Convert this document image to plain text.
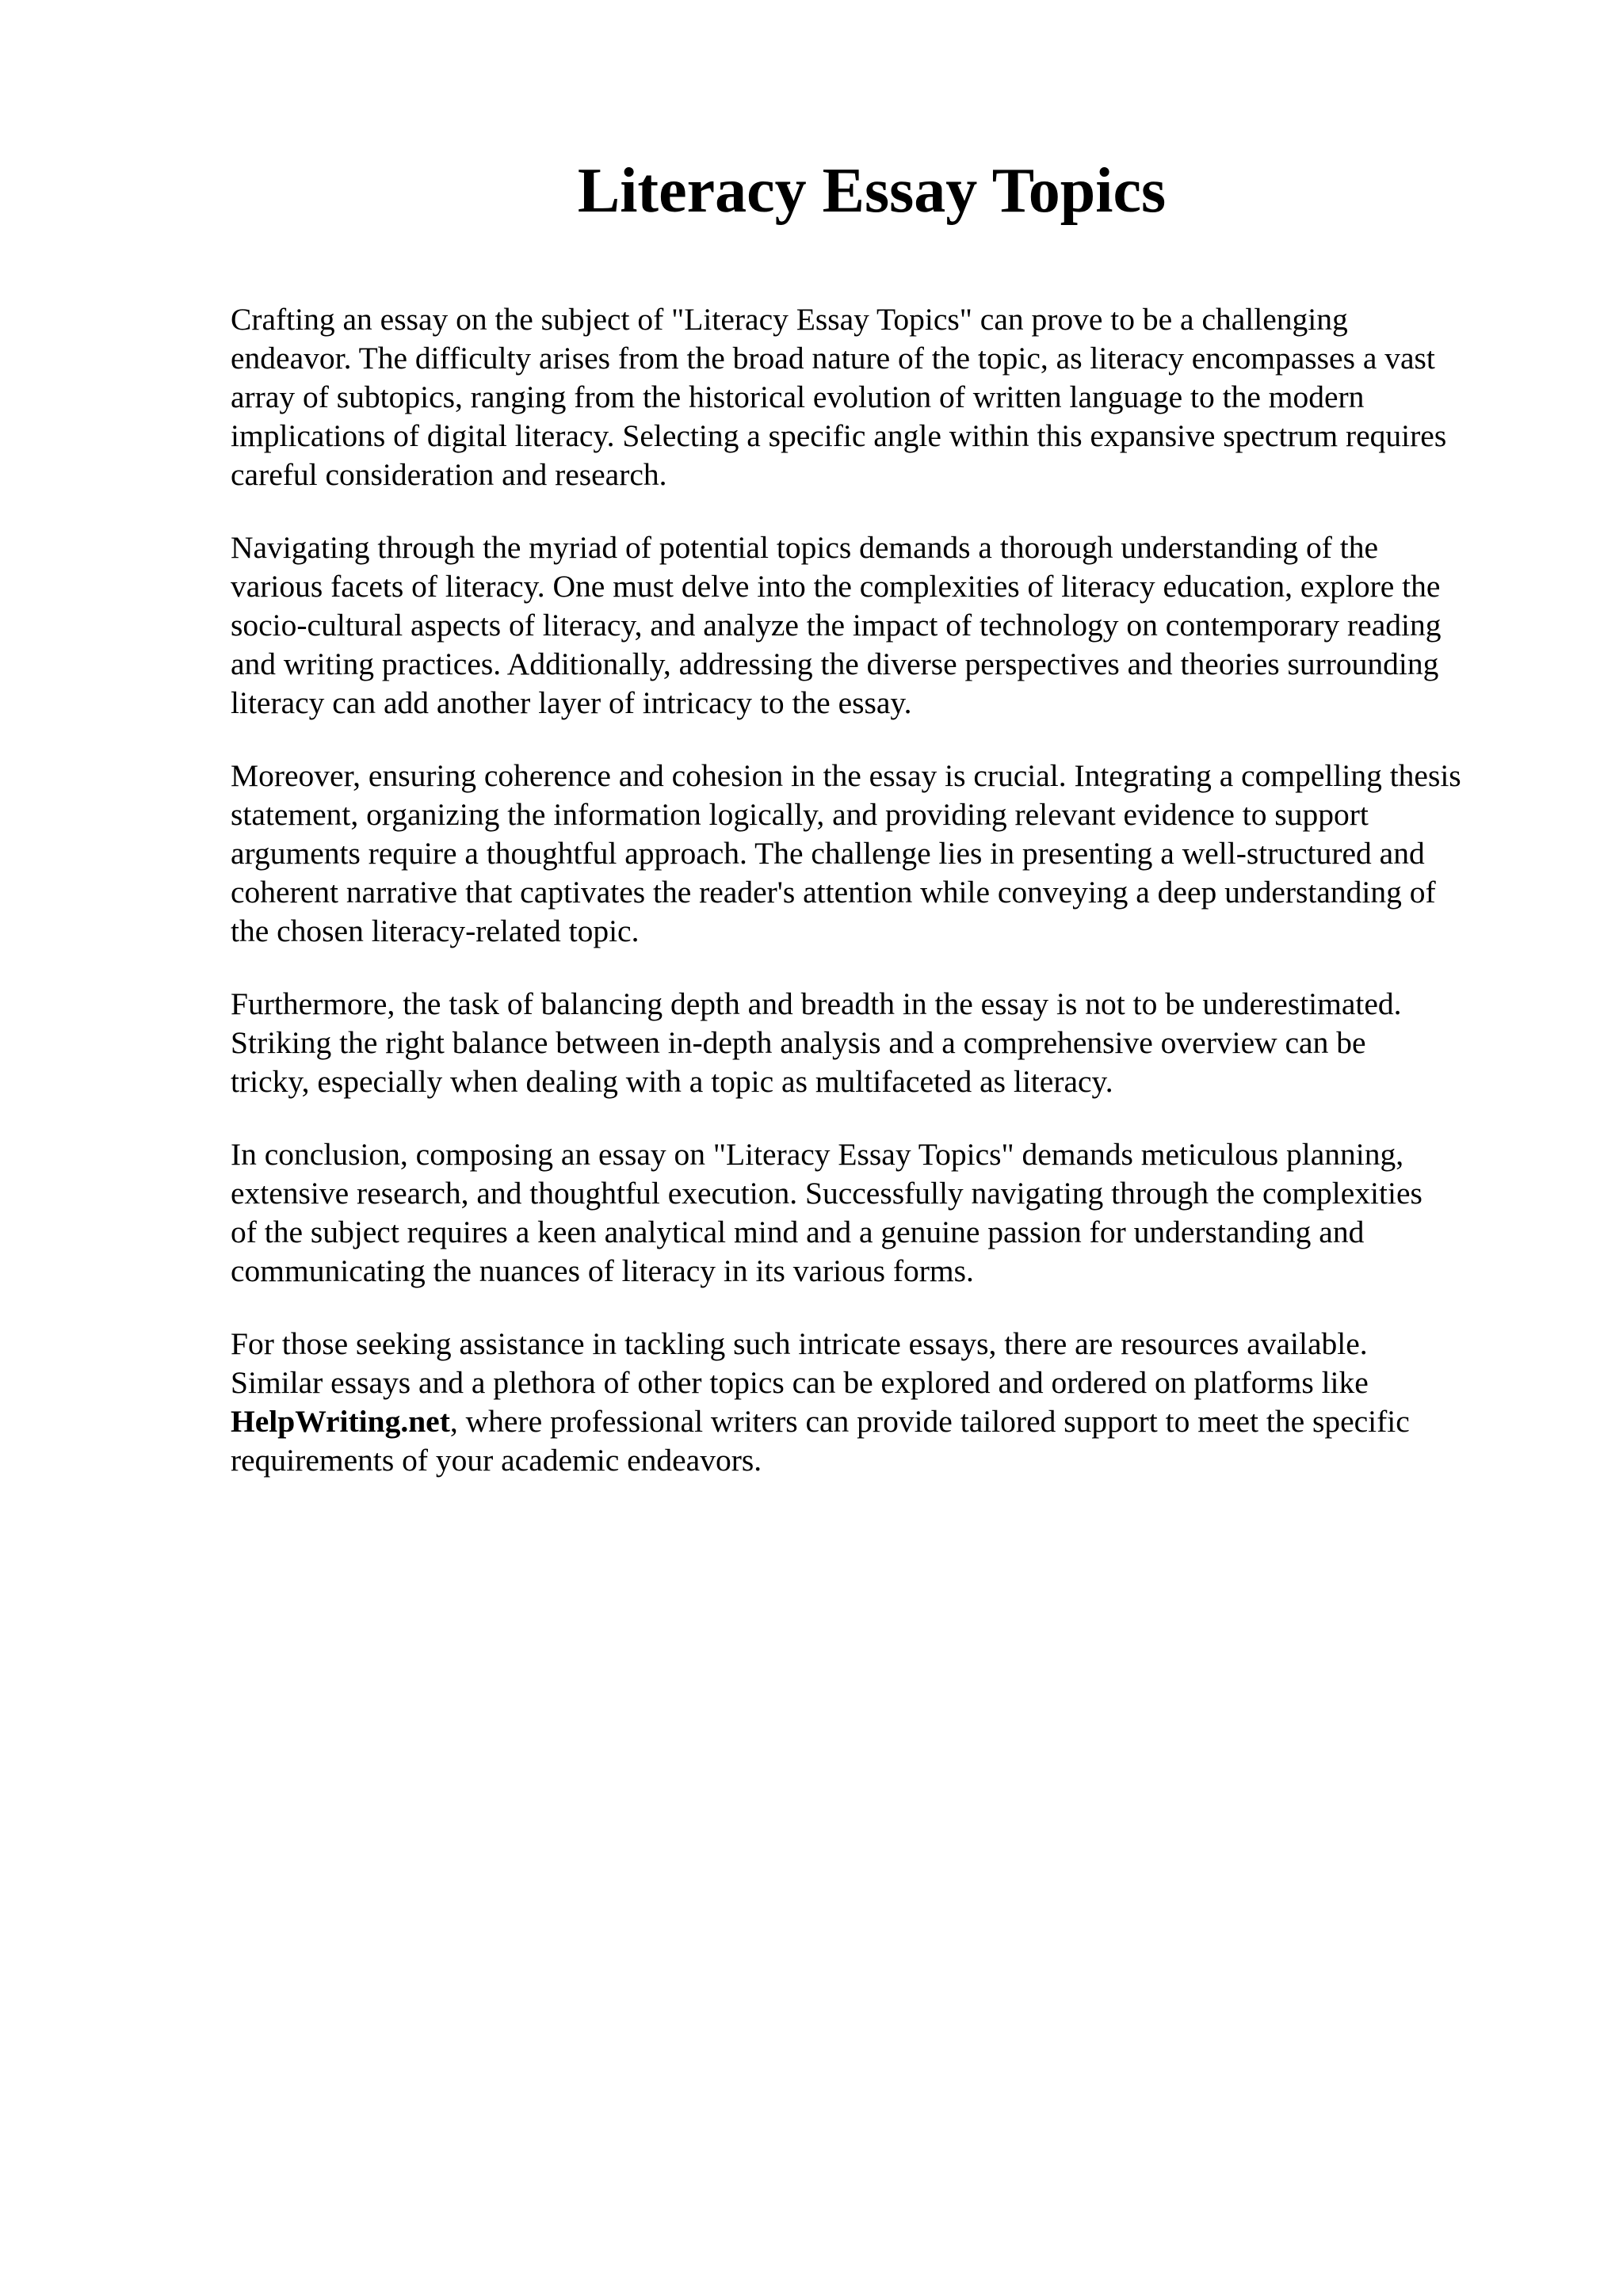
Literacy Essay Topics

Crafting an essay on the subject of "Literacy Essay Topics" can prove to be a challenging
endeavor. The difficulty arises from the broad nature of the topic, as literacy encompasses a vast
array of subtopics, ranging from the historical evolution of written language to the modern
implications of digital literacy. Selecting a specific angle within this expansive spectrum requires
careful consideration and research.

Navigating through the myriad of potential topics demands a thorough understanding of the
various facets of literacy. One must delve into the complexities of literacy education, explore the
socio-cultural aspects of literacy, and analyze the impact of technology on contemporary reading
and writing practices. Additionally, addressing the diverse perspectives and theories surrounding
literacy can add another layer of intricacy to the essay.

Moreover, ensuring coherence and cohesion in the essay is crucial. Integrating a compelling thesis
statement, organizing the information logically, and providing relevant evidence to support
arguments require a thoughtful approach. The challenge lies in presenting a well-structured and
coherent narrative that captivates the reader's attention while conveying a deep understanding of
the chosen literacy-related topic.

Furthermore, the task of balancing depth and breadth in the essay is not to be underestimated.
Striking the right balance between in-depth analysis and a comprehensive overview can be
tricky, especially when dealing with a topic as multifaceted as literacy.

In conclusion, composing an essay on "Literacy Essay Topics" demands meticulous planning,
extensive research, and thoughtful execution. Successfully navigating through the complexities
of the subject requires a keen analytical mind and a genuine passion for understanding and
communicating the nuances of literacy in its various forms.

For those seeking assistance in tackling such intricate essays, there are resources available.
Similar essays and a plethora of other topics can be explored and ordered on platforms like
HelpWriting.net, where professional writers can provide tailored support to meet the specific
requirements of your academic endeavors.
